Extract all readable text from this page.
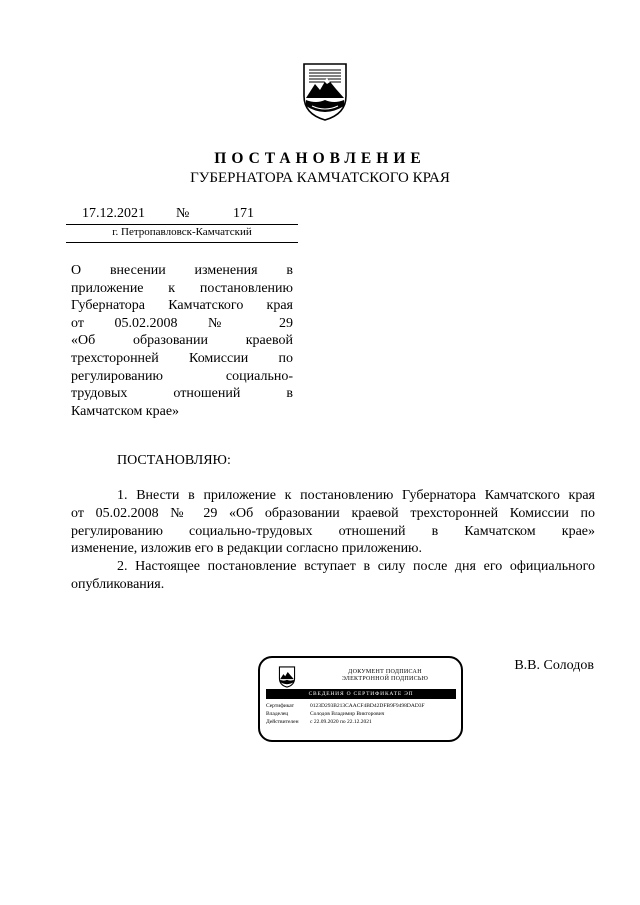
ПОСТАНОВЛЕНИЕ
ГУБЕРНАТОРА КАМЧАТСКОГО КРАЯ
17.12.2021 №	171
г. Петропавловск-Камчатский
О внесении изменения в
приложение к постановлению
Губернатора Камчатского края
от 05.02.2008 № 29
«Об образовании краевой
трехсторонней Комиссии по
регулированию социально-
трудовых отношений в
Камчатском крае»
ПОСТАНОВЛЯЮ:
1. Внести в приложение к постановлению Губернатора Камчатского края
от 05.02.2008 № 29 «Об образовании краевой трехсторонней Комиссии по
регулированию социально-трудовых отношений в Камчатском крае»
изменение, изложив его в редакции согласно приложению.
2. Настоящее постановление вступает в силу после дня его официального
опубликования.
ДОКУМЕНТ ПОДПИСАН
ЭЛЕКТРОННОЙ ПОДПИСЬЮ
СВЕДЕНИЯ О СЕРТИФИКАТЕ ЭП
Сертификат	0123D293B213CAACF4BD42DFB9F9498DAD3F
Владелец	Солодов Владимир Викторович
Действителен с 22.09.2020 по 22.12.2021
В.В. Солодов
